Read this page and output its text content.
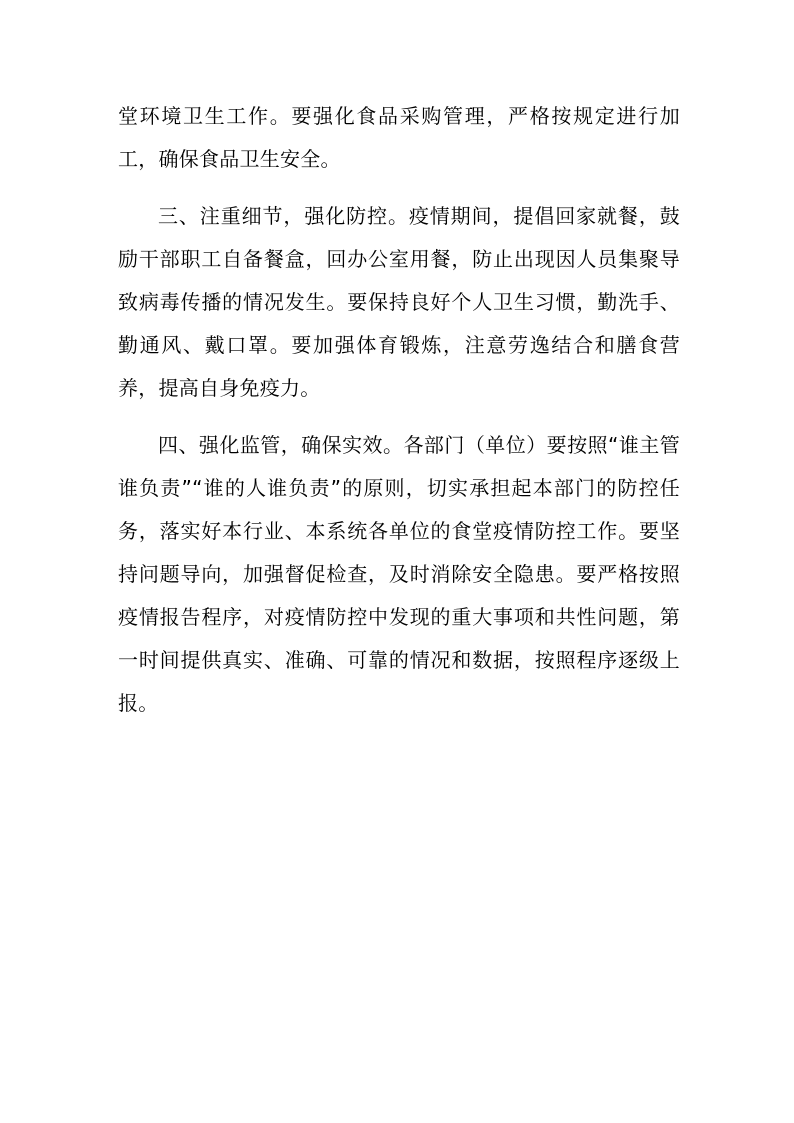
堂环境卫生工作。要强化食品采购管理，严格按规定进行加工，确保食品卫生安全。

三、注重细节，强化防控。疫情期间，提倡回家就餐，鼓励干部职工自备餐盒，回办公室用餐，防止出现因人员集聚导致病毒传播的情况发生。要保持良好个人卫生习惯，勤洗手、勤通风、戴口罩。要加强体育锻炼，注意劳逸结合和膳食营养，提高自身免疫力。

四、强化监管，确保实效。各部门（单位）要按照“谁主管谁负责”“谁的人谁负责”的原则，切实承担起本部门的防控任务，落实好本行业、本系统各单位的食堂疫情防控工作。要坚持问题导向，加强督促检查，及时消除安全隐患。要严格按照疫情报告程序，对疫情防控中发现的重大事项和共性问题，第一时间提供真实、准确、可靠的情况和数据，按照程序逐级上报。
